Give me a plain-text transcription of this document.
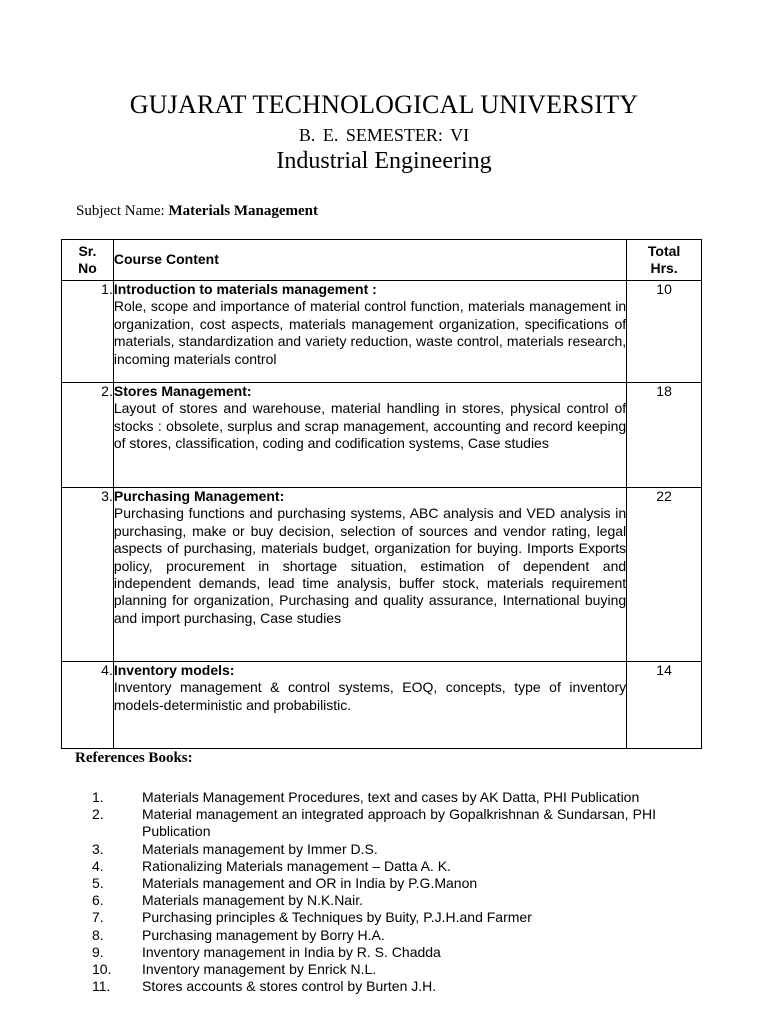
GUJARAT TECHNOLOGICAL UNIVERSITY
B. E. SEMESTER: VI
Industrial Engineering
Subject Name: Materials Management
Sr.
No	Course Content	Total
Hrs.
1.	Introduction to materials management :
Role, scope and importance of material control function, materials management in organization, cost aspects, materials management organization, specifications of materials, standardization and variety reduction, waste control, materials research, incoming materials control	10
2.	Stores Management:
Layout of stores and warehouse, material handling in stores, physical control of stocks : obsolete, surplus and scrap management, accounting and record keeping of stores, classification, coding and codification systems, Case studies	18
3.	Purchasing Management:
Purchasing functions and purchasing systems, ABC analysis and VED analysis in purchasing, make or buy decision, selection of sources and vendor rating, legal aspects of purchasing, materials budget, organization for buying. Imports Exports policy, procurement in shortage situation, estimation of dependent and independent demands, lead time analysis, buffer stock, materials requirement planning for organization, Purchasing and quality assurance, International buying and import purchasing, Case studies	22
4.	Inventory models:
Inventory management & control systems, EOQ, concepts, type of inventory models-deterministic and probabilistic.	14
References Books:
1.	Materials Management Procedures, text and cases by AK Datta, PHI Publication
2.	Material management an integrated approach by Gopalkrishnan & Sundarsan, PHI Publication
3.	Materials management by Immer D.S.
4.	Rationalizing Materials management – Datta A. K.
5.	Materials management and OR in India by P.G.Manon
6.	Materials management by N.K.Nair.
7.	Purchasing principles & Techniques by Buity, P.J.H.and Farmer
8.	Purchasing management by Borry H.A.
9.	Inventory management in India by R. S. Chadda
10.	Inventory management by Enrick N.L.
11.	Stores accounts & stores control by Burten J.H.
